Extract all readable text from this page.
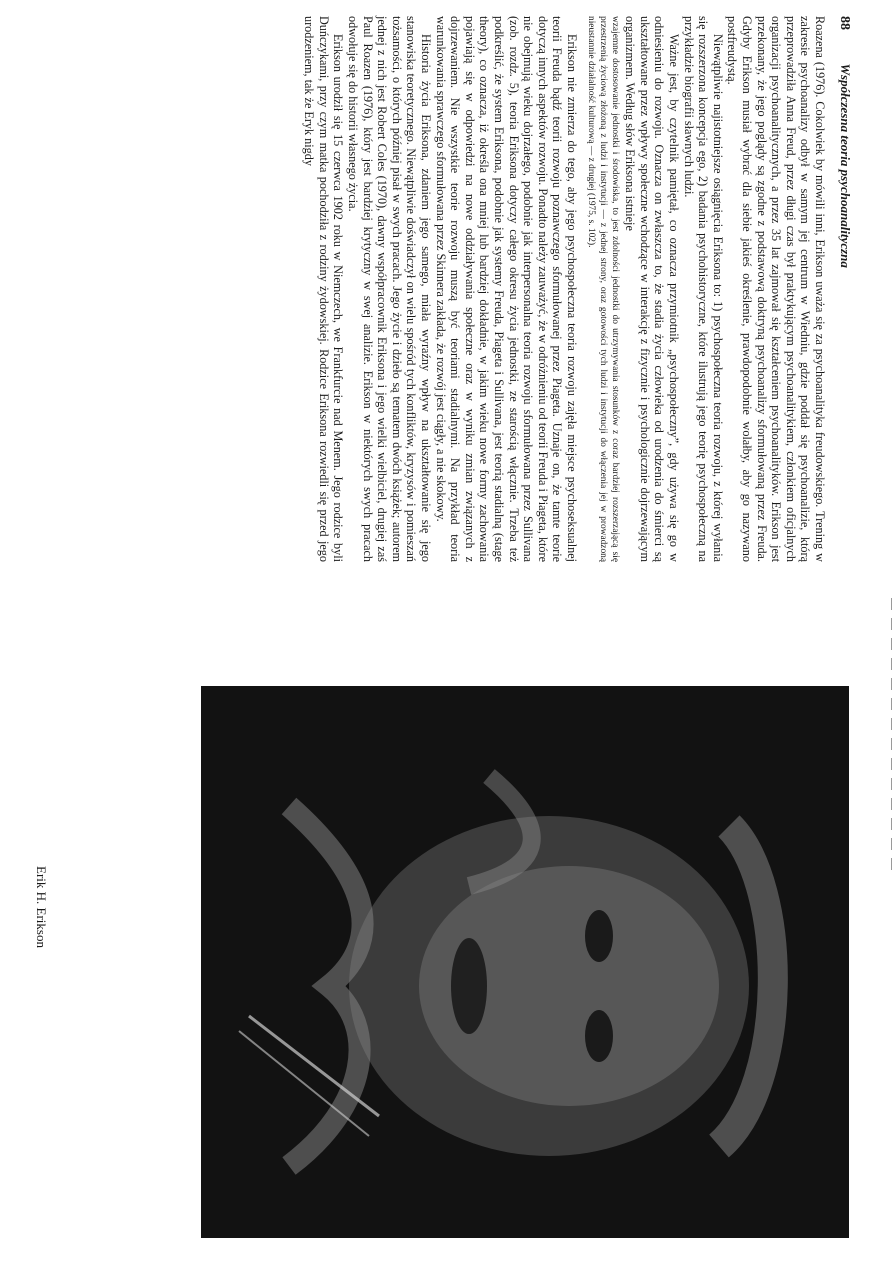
88 Współczesna teoria psychoanalityczna

Roazena (1976). Cokolwiek by mówili inni, Erikson uważa się za psychoanalityka freudowskiego. Trening w zakresie psychoanalizy odbył w samym jej centrum w Wiedniu, gdzie poddał się psychoanalizie, którą przeprowadziła Anna Freud, przez długi czas był praktykującym psychoanalitykiem, członkiem oficjalnych organizacji psychoanalitycznych, a przez 35 lat zajmował się kształceniem psychoanalityków. Erikson jest przekonany, że jego poglądy są zgodne z podstawową doktryną psychoanalizy sformułowaną przez Freuda. Gdyby Erikson musiał wybrać dla siebie jakieś określenie, prawdopodobnie wolałby, aby go nazywano postfreudystą.

Niewątpliwie najistotniejsze osiągnięcia Eriksona to: 1) psychospołeczna teoria rozwoju, z której wyłania się rozszerzona koncepcja ego, 2) badania psychohistoryczne, które ilustrują jego teorię psychospołeczną na przykładzie biografii sławnych ludzi.

Ważne jest, by czytelnik pamiętał, co oznacza przymiotnik „psychospołeczny”, gdy używa się go w odniesieniu do rozwoju. Oznacza on zwłaszcza to, że stadia życia człowieka od urodzenia do śmierci są ukształtowane przez wpływy społeczne wchodzące w interakcję z fizycznie i psychologicznie dojrzewającym organizmem. Według słów Eriksona istnieje

wzajemne dostosowanie jednostki i środowiska, to jest zdolności jednostki do utrzymywania stosunków z coraz bardziej rozszerzającą się przestrzenią życiową złożoną z ludzi i instytucji — z jednej strony, oraz gotowości tych ludzi i instytucji do włączenia jej w prowadzoną nieustannie działalność kulturową — z drugiej (1975, s. 102).

Erikson nie zmierza do tego, aby jego psychospołeczna teoria rozwoju zajęła miejsce psychoseksualnej teorii Freuda bądź teorii rozwoju poznawczego sformułowanej przez Piageta. Uznaje on, że tamte teorie dotyczą innych aspektów rozwoju. Ponadto należy zauważyć, że w odróżnieniu od teorii Freuda i Piageta, które nie obejmują wieku dojrzałego, podobnie jak interpersonalna teoria rozwoju sformułowana przez Sullivana (zob. rozdz. 5), teoria Eriksona dotyczy całego okresu życia jednostki, ze starością włącznie. Trzeba też podkreślić, że system Eriksona, podobnie jak systemy Freuda, Piageta i Sullivana, jest teorią stadialną (stage theory), co oznacza, iż określa ona mniej lub bardziej dokładnie, w jakim wieku nowe formy zachowania pojawiają się w odpowiedzi na nowe oddziaływania społeczne oraz w wyniku zmian związanych z dojrzewaniem. Nie wszystkie teorie rozwoju muszą być teoriami stadialnymi. Na przykład teoria warunkowania sprawczego sformułowana przez Skinnera zakłada, że rozwój jest ciągły, a nie skokowy.

Historia życia Eriksona, zdaniem jego samego, miała wyraźny wpływ na ukształtowanie się jego stanowiska teoretycznego. Niewątpliwie doświadczył on wielu spośród tych konfliktów, kryzysów i pomieszań tożsamości, o których później pisał w swych pracach. Jego życie i dzieło są tematem dwóch książek; autorem jednej z nich jest Robert Coles (1970), dawny współpracownik Eriksona i jego wielki wielbiciel, drugiej zaś Paul Roazen (1976), który jest bardziej krytyczny w swej analizie. Erikson w niektórych swych pracach odwołuje się do historii własnego życia.

Erikson urodził się 15 czerwca 1902 roku w Niemczech, we Frankfurcie nad Menem. Jego rodzice byli Duńczykami, przy czym matka pochodziła z rodziny żydowskiej. Rodzice Eriksona rozwiedli się przed jego urodzeniem, tak że Eryk nigdy

Erik H. Erikson
